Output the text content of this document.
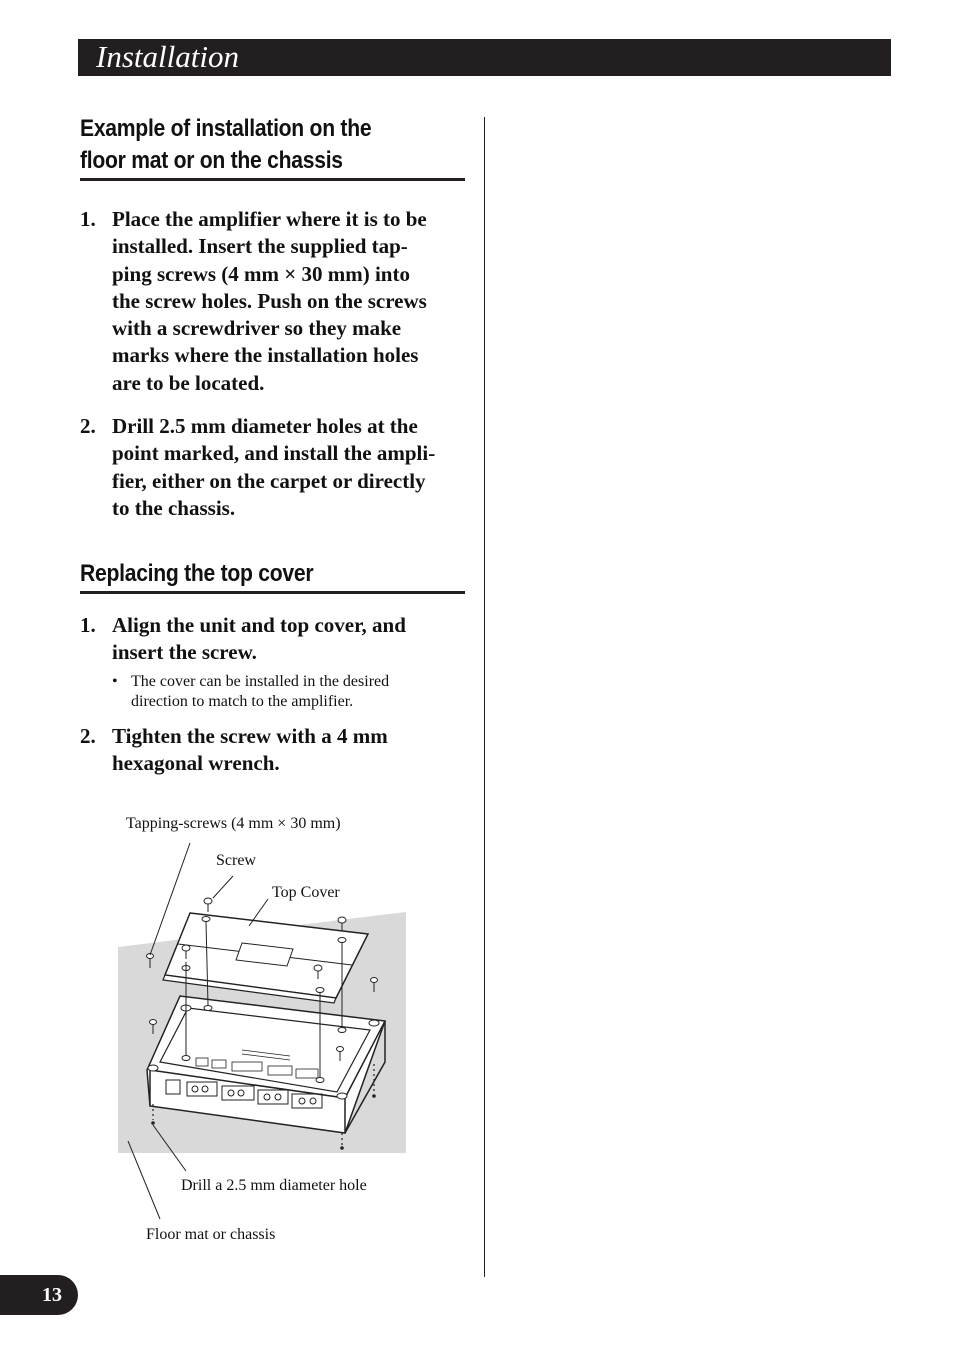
Installation
Example of installation on the
floor mat or on the chassis
1. Place the amplifier where it is to be
installed. Insert the supplied tap-
ping screws (4 mm × 30 mm) into
the screw holes. Push on the screws
with a screwdriver so they make
marks where the installation holes
are to be located.
2. Drill 2.5 mm diameter holes at the
point marked, and install the ampli-
fier, either on the carpet or directly
to the chassis.
Replacing the top cover
1. Align the unit and top cover, and
insert the screw.
• The cover can be installed in the desired
direction to match to the amplifier.
2. Tighten the screw with a 4 mm
hexagonal wrench.
Tapping-screws (4 mm × 30 mm)
Screw
Top Cover
Drill a 2.5 mm diameter hole
Floor mat or chassis
13
